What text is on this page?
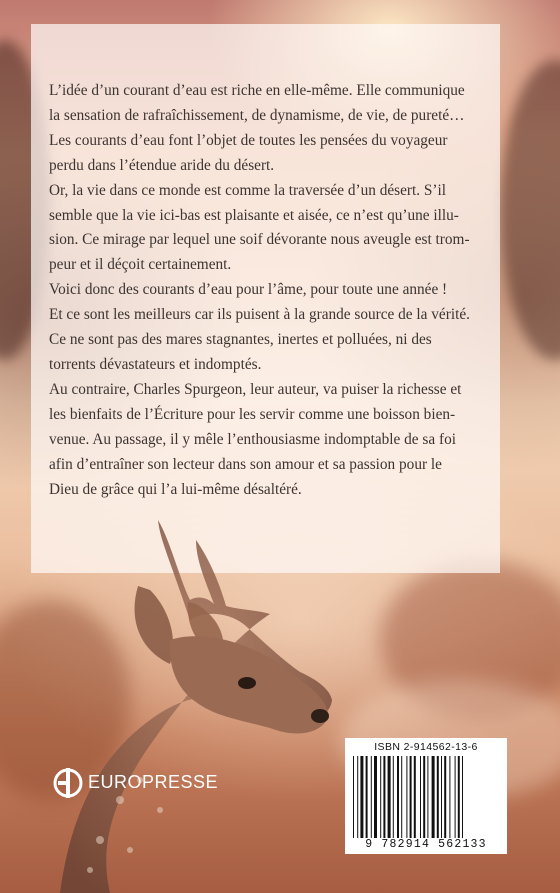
L’idée d’un courant d’eau est riche en elle-même. Elle communique
la sensation de rafraîchissement, de dynamisme, de vie, de pureté…
Les courants d’eau font l’objet de toutes les pensées du voyageur
perdu dans l’étendue aride du désert.

Or, la vie dans ce monde est comme la traversée d’un désert. S’il
semble que la vie ici-bas est plaisante et aisée, ce n’est qu’une illu-
sion. Ce mirage par lequel une soif dévorante nous aveugle est trom-
peur et il déçoit certainement.

Voici donc des courants d’eau pour l’âme, pour toute une année !
Et ce sont les meilleurs car ils puisent à la grande source de la vérité.
Ce ne sont pas des mares stagnantes, inertes et polluées, ni des
torrents dévastateurs et indomptés.

Au contraire, Charles Spurgeon, leur auteur, va puiser la richesse et
les bienfaits de l’Écriture pour les servir comme une boisson bien-
venue. Au passage, il y mêle l’enthousiasme indomptable de sa foi
afin d’entraîner son lecteur dans son amour et sa passion pour le
Dieu de grâce qui l’a lui-même désaltéré.

EUROPRESSE
ISBN 2-914562-13-6
9 782914 562133
